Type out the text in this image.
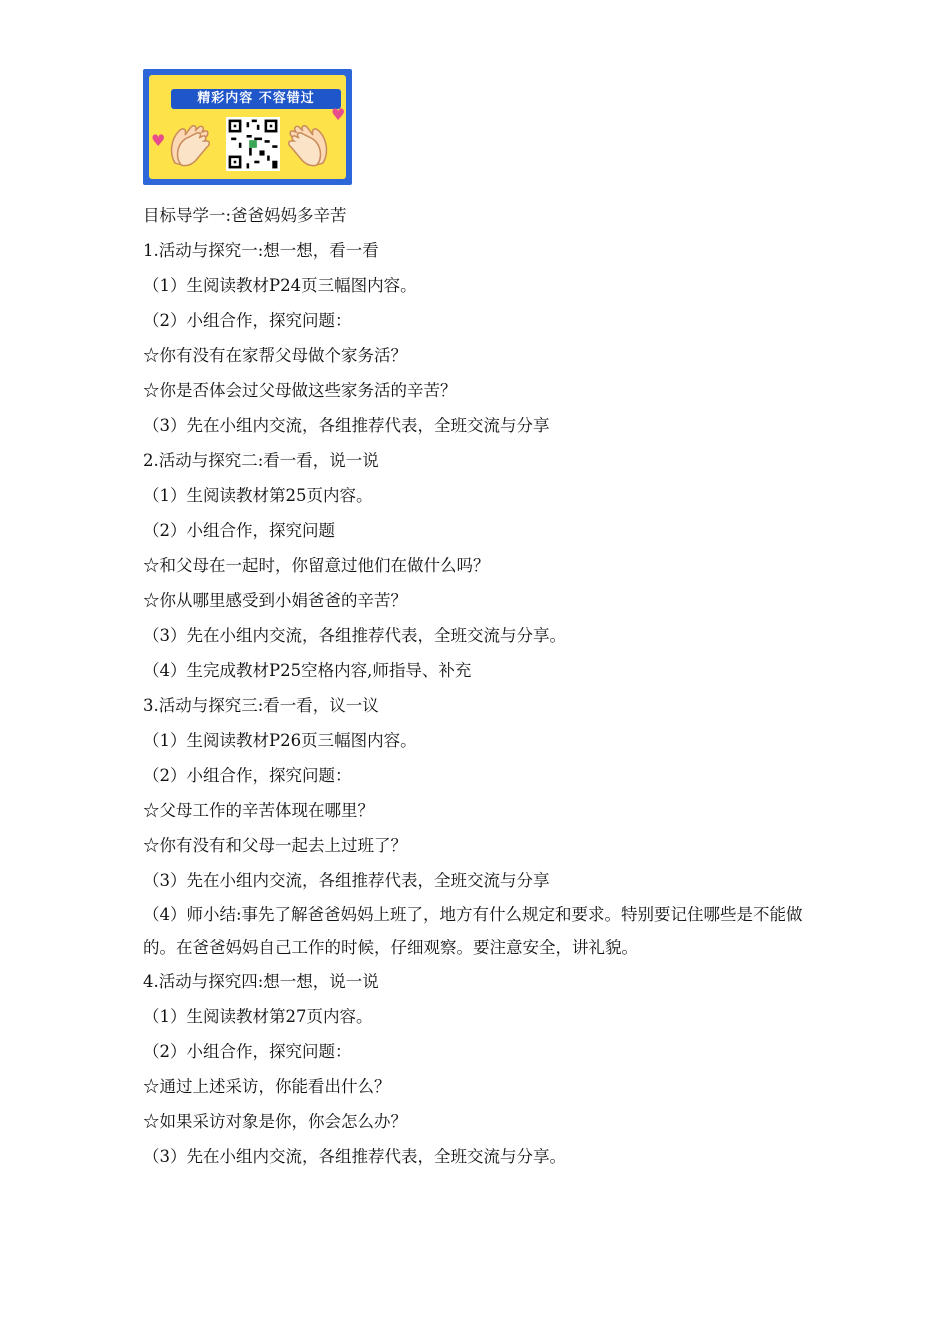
精彩内容 不容错过
♥
♥
目标导学一:爸爸妈妈多辛苦
1.活动与探究一:想一想，看一看
（1）生阅读教材P24页三幅图内容。
（2）小组合作，探究问题：
☆你有没有在家帮父母做个家务活？
☆你是否体会过父母做这些家务活的辛苦？
（3）先在小组内交流，各组推荐代表，全班交流与分享
2.活动与探究二:看一看，说一说
（1）生阅读教材第25页内容。
（2）小组合作，探究问题
☆和父母在一起时，你留意过他们在做什么吗？
☆你从哪里感受到小娟爸爸的辛苦？
（3）先在小组内交流，各组推荐代表，全班交流与分享。
（4）生完成教材P25空格内容,师指导、补充
3.活动与探究三:看一看，议一议
（1）生阅读教材P26页三幅图内容。
（2）小组合作，探究问题：
☆父母工作的辛苦体现在哪里？
☆你有没有和父母一起去上过班了？
（3）先在小组内交流，各组推荐代表，全班交流与分享
（4）师小结:事先了解爸爸妈妈上班了，地方有什么规定和要求。特别要记住哪些是不能做的。在爸爸妈妈自己工作的时候，仔细观察。要注意安全，讲礼貌。
4.活动与探究四:想一想，说一说
（1）生阅读教材第27页内容。
（2）小组合作，探究问题：
☆通过上述采访，你能看出什么？
☆如果采访对象是你，你会怎么办？
（3）先在小组内交流，各组推荐代表，全班交流与分享。
